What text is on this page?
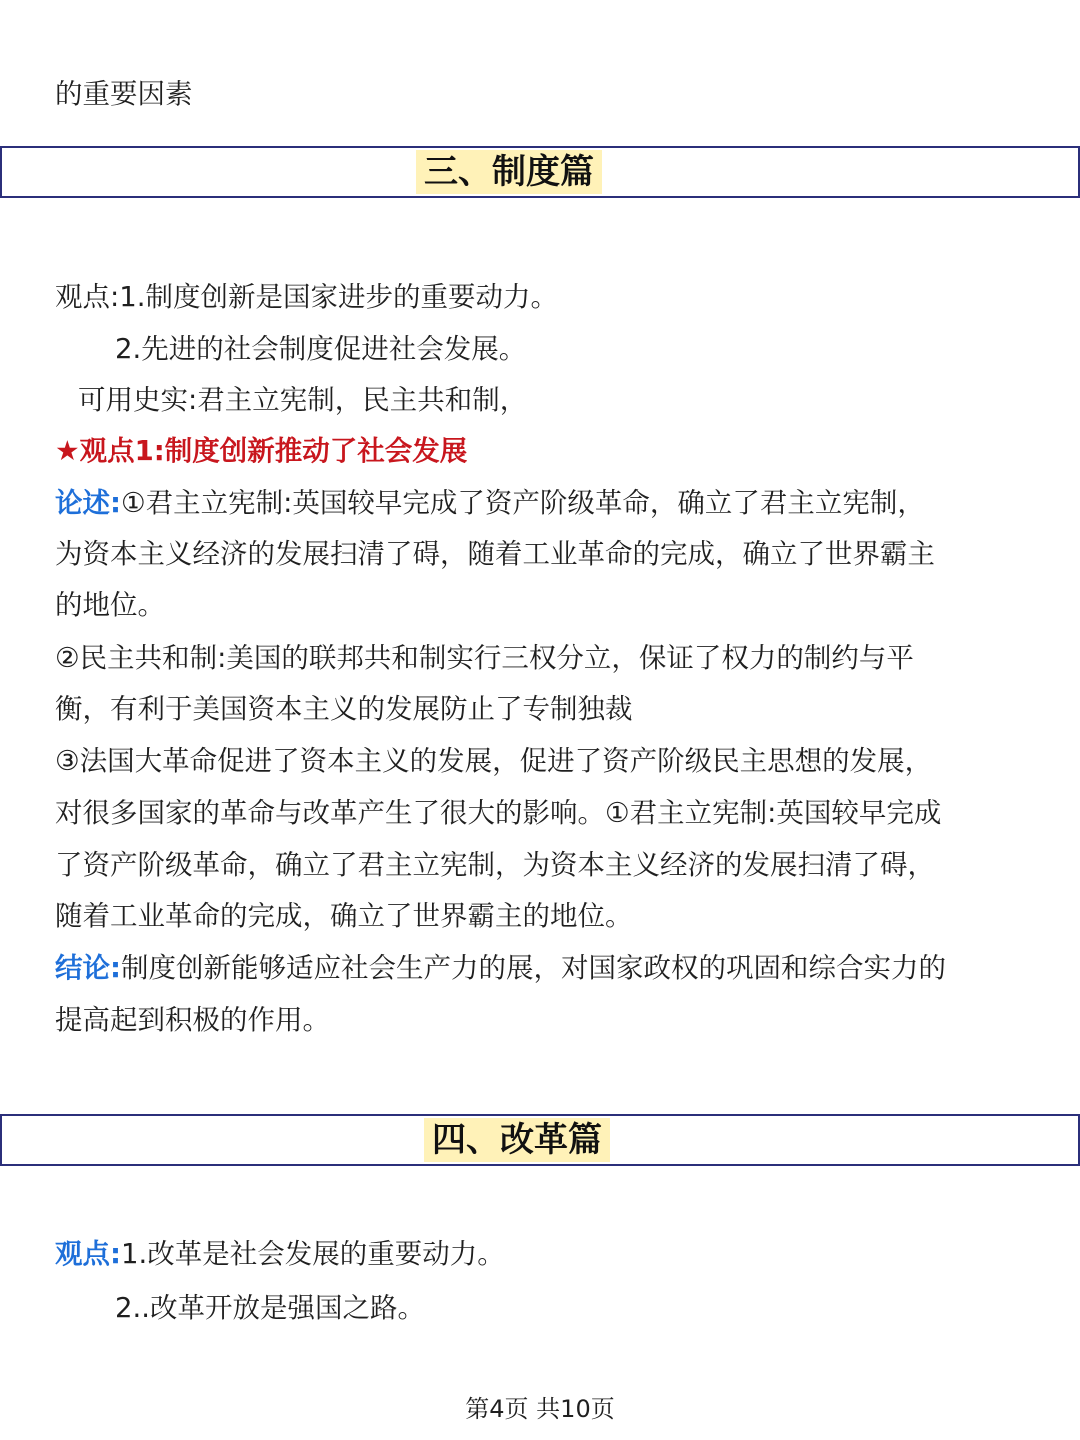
的重要因素
三、制度篇
观点:1.制度创新是国家进步的重要动力。
2.先进的社会制度促进社会发展。
可用史实:君主立宪制，民主共和制，
★观点1:制度创新推动了社会发展
论述:①君主立宪制:英国较早完成了资产阶级革命，确立了君主立宪制，
为资本主义经济的发展扫清了碍，随着工业革命的完成，确立了世界霸主
的地位。
②民主共和制:美国的联邦共和制实行三权分立，保证了权力的制约与平
衡，有利于美国资本主义的发展防止了专制独裁
③法国大革命促进了资本主义的发展，促进了资产阶级民主思想的发展，
对很多国家的革命与改革产生了很大的影响。①君主立宪制:英国较早完成
了资产阶级革命，确立了君主立宪制，为资本主义经济的发展扫清了碍，
随着工业革命的完成，确立了世界霸主的地位。
结论:制度创新能够适应社会生产力的展，对国家政权的巩固和综合实力的
提高起到积极的作用。
四、改革篇
观点:1.改革是社会发展的重要动力。
2..改革开放是强国之路。
第4页 共10页
